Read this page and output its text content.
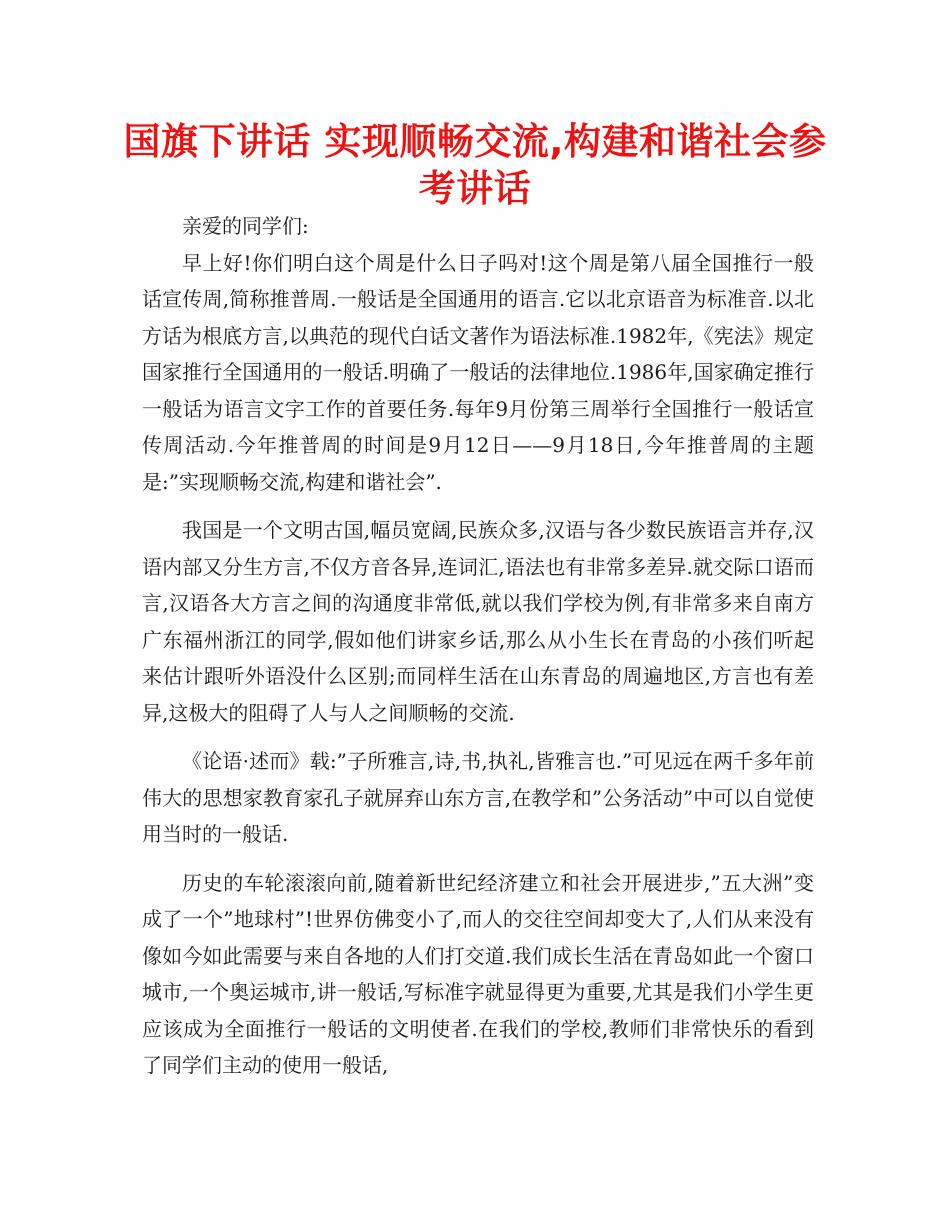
国旗下讲话 实现顺畅交流,构建和谐社会参考讲话

亲爱的同学们:

早上好!你们明白这个周是什么日子吗对!这个周是第八届全国推行一般话宣传周,简称推普周.一般话是全国通用的语言.它以北京语音为标准音.以北方话为根底方言,以典范的现代白话文著作为语法标准.1982年,《宪法》规定国家推行全国通用的一般话.明确了一般话的法律地位.1986年,国家确定推行一般话为语言文字工作的首要任务.每年9月份第三周举行全国推行一般话宣传周活动.今年推普周的时间是9月12日——9月18日,今年推普周的主题是:”实现顺畅交流,构建和谐社会”.

我国是一个文明古国,幅员宽阔,民族众多,汉语与各少数民族语言并存,汉语内部又分生方言,不仅方音各异,连词汇,语法也有非常多差异.就交际口语而言,汉语各大方言之间的沟通度非常低,就以我们学校为例,有非常多来自南方广东福州浙江的同学,假如他们讲家乡话,那么从小生长在青岛的小孩们听起来估计跟听外语没什么区别;而同样生活在山东青岛的周遍地区,方言也有差异,这极大的阻碍了人与人之间顺畅的交流.

《论语·述而》载:”子所雅言,诗,书,执礼,皆雅言也.”可见远在两千多年前伟大的思想家教育家孔子就屏弃山东方言,在教学和”公务活动”中可以自觉使用当时的一般话.

历史的车轮滚滚向前,随着新世纪经济建立和社会开展进步,”五大洲”变成了一个”地球村”!世界仿佛变小了,而人的交往空间却变大了,人们从来没有像如今如此需要与来自各地的人们打交道.我们成长生活在青岛如此一个窗口城市,一个奥运城市,讲一般话,写标准字就显得更为重要,尤其是我们小学生更应该成为全面推行一般话的文明使者.在我们的学校,教师们非常快乐的看到了同学们主动的使用一般话,
